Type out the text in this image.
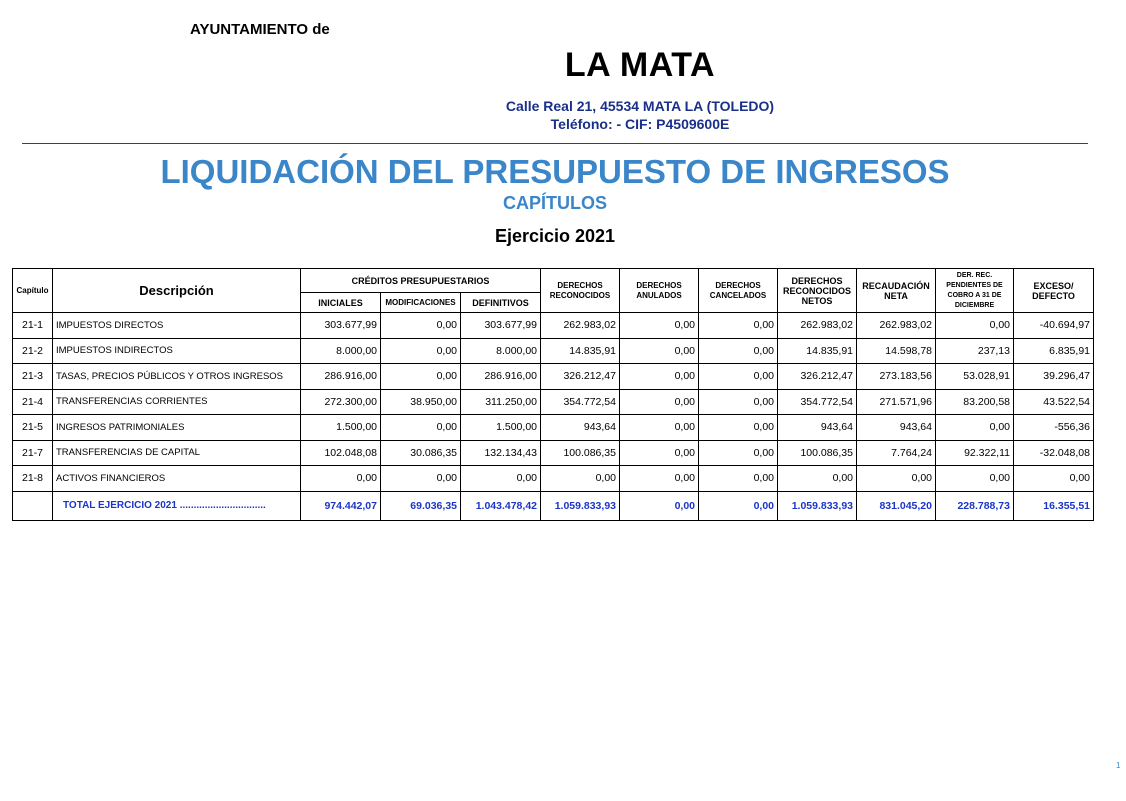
AYUNTAMIENTO de
LA MATA
Calle Real 21, 45534 MATA LA (TOLEDO)
Teléfono: - CIF: P4509600E
LIQUIDACIÓN DEL PRESUPUESTO DE INGRESOS
CAPÍTULOS
Ejercicio 2021
Capítulo	Descripción	CRÉDITOS PRESUPUESTARIOS			DERECHOS RECONOCIDOS	DERECHOS ANULADOS	DERECHOS CANCELADOS	DERECHOS RECONOCIDOS NETOS	RECAUDACIÓN NETA	DER. REC. PENDIENTES DE COBRO A 31 DE DICIEMBRE	EXCESO/ DEFECTO
		INICIALES	MODIFICACIONES	DEFINITIVOS							
21-1	IMPUESTOS DIRECTOS	303.677,99	0,00	303.677,99	262.983,02	0,00	0,00	262.983,02	262.983,02	0,00	-40.694,97
21-2	IMPUESTOS INDIRECTOS	8.000,00	0,00	8.000,00	14.835,91	0,00	0,00	14.835,91	14.598,78	237,13	6.835,91
21-3	TASAS, PRECIOS PÚBLICOS Y OTROS INGRESOS	286.916,00	0,00	286.916,00	326.212,47	0,00	0,00	326.212,47	273.183,56	53.028,91	39.296,47
21-4	TRANSFERENCIAS CORRIENTES	272.300,00	38.950,00	311.250,00	354.772,54	0,00	0,00	354.772,54	271.571,96	83.200,58	43.522,54
21-5	INGRESOS PATRIMONIALES	1.500,00	0,00	1.500,00	943,64	0,00	0,00	943,64	943,64	0,00	-556,36
21-7	TRANSFERENCIAS DE CAPITAL	102.048,08	30.086,35	132.134,43	100.086,35	0,00	0,00	100.086,35	7.764,24	92.322,11	-32.048,08
21-8	ACTIVOS FINANCIEROS	0,00	0,00	0,00	0,00	0,00	0,00	0,00	0,00	0,00	0,00
	TOTAL EJERCICIO 2021 ...............................	974.442,07	69.036,35	1.043.478,42	1.059.833,93	0,00	0,00	1.059.833,93	831.045,20	228.788,73	16.355,51
1
